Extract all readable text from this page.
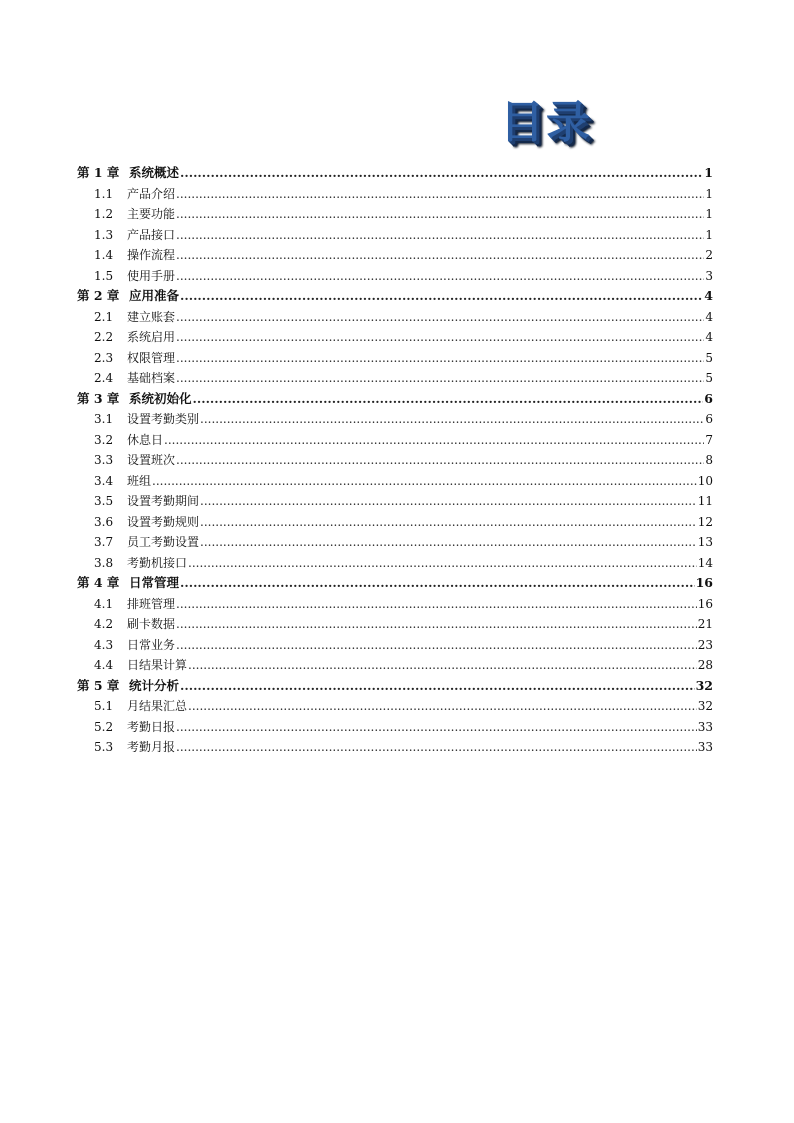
目录
第 1 章 系统概述 .....	1
1.1	产品介绍 .....	1
1.2	主要功能 .....	1
1.3	产品接口 .....	1
1.4	操作流程 .....	2
1.5	使用手册 .....	3
第 2 章 应用准备 .....	4
2.1	建立账套 .....	4
2.2	系统启用 .....	4
2.3	权限管理 .....	5
2.4	基础档案 .....	5
第 3 章 系统初始化 .....	6
3.1	设置考勤类别 .....	6
3.2	休息日 .....	7
3.3	设置班次 .....	8
3.4	班组 .....	10
3.5	设置考勤期间 .....	11
3.6	设置考勤规则 .....	12
3.7	员工考勤设置 .....	13
3.8	考勤机接口 .....	14
第 4 章 日常管理 .....	16
4.1	排班管理 .....	16
4.2	刷卡数据 .....	21
4.3	日常业务 .....	23
4.4	日结果计算 .....	28
第 5 章 统计分析 .....	32
5.1	月结果汇总 .....	32
5.2	考勤日报 .....	33
5.3	考勤月报 .....	33
